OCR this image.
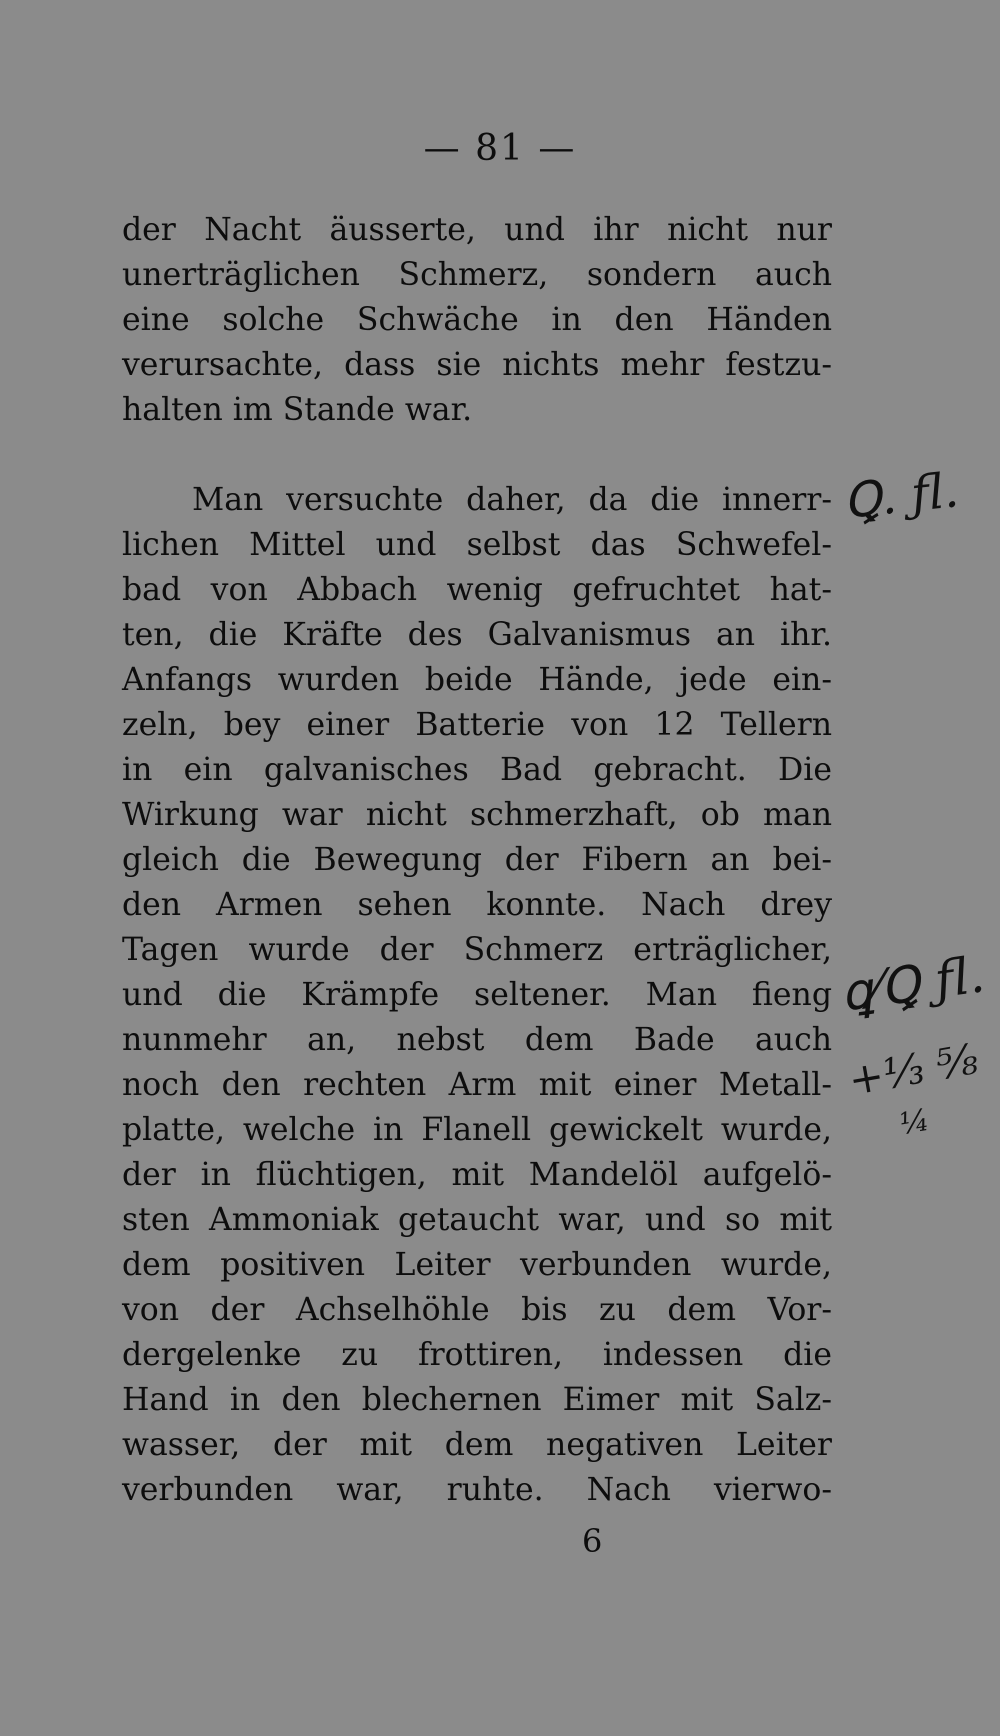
— 81 —
der Nacht äusserte, und ihr nicht nur
unerträglichen Schmerz, sondern auch
eine solche Schwäche in den Händen
verursachte, dass sie nichts mehr festzu-
halten im Stande war.
Man versuchte daher, da die innerr-
lichen Mittel und selbst das Schwefel-
bad von Abbach wenig gefruchtet hat-
ten, die Kräfte des Galvanismus an ihr.
Anfangs wurden beide Hände, jede ein-
zeln, bey einer Batterie von 12 Tellern
in ein galvanisches Bad gebracht. Die
Wirkung war nicht schmerzhaft, ob man
gleich die Bewegung der Fibern an bei-
den Armen sehen konnte. Nach drey
Tagen wurde der Schmerz erträglicher,
und die Krämpfe seltener. Man fieng
nunmehr an, nebst dem Bade auch
noch den rechten Arm mit einer Metall-
platte, welche in Flanell gewickelt wurde,
der in flüchtigen, mit Mandelöl aufgelö-
sten Ammoniak getaucht war, und so mit
dem positiven Leiter verbunden wurde,
von der Achselhöhle bis zu dem Vor-
dergelenke zu frottiren, indessen die
Hand in den blechernen Eimer mit Salz-
wasser, der mit dem negativen Leiter
verbunden war, ruhte. Nach vierwo-
6
Ꝗ. ƒl.
ꝗ⁄Ꝗ ƒl.
+⅓ ⅝
¼
